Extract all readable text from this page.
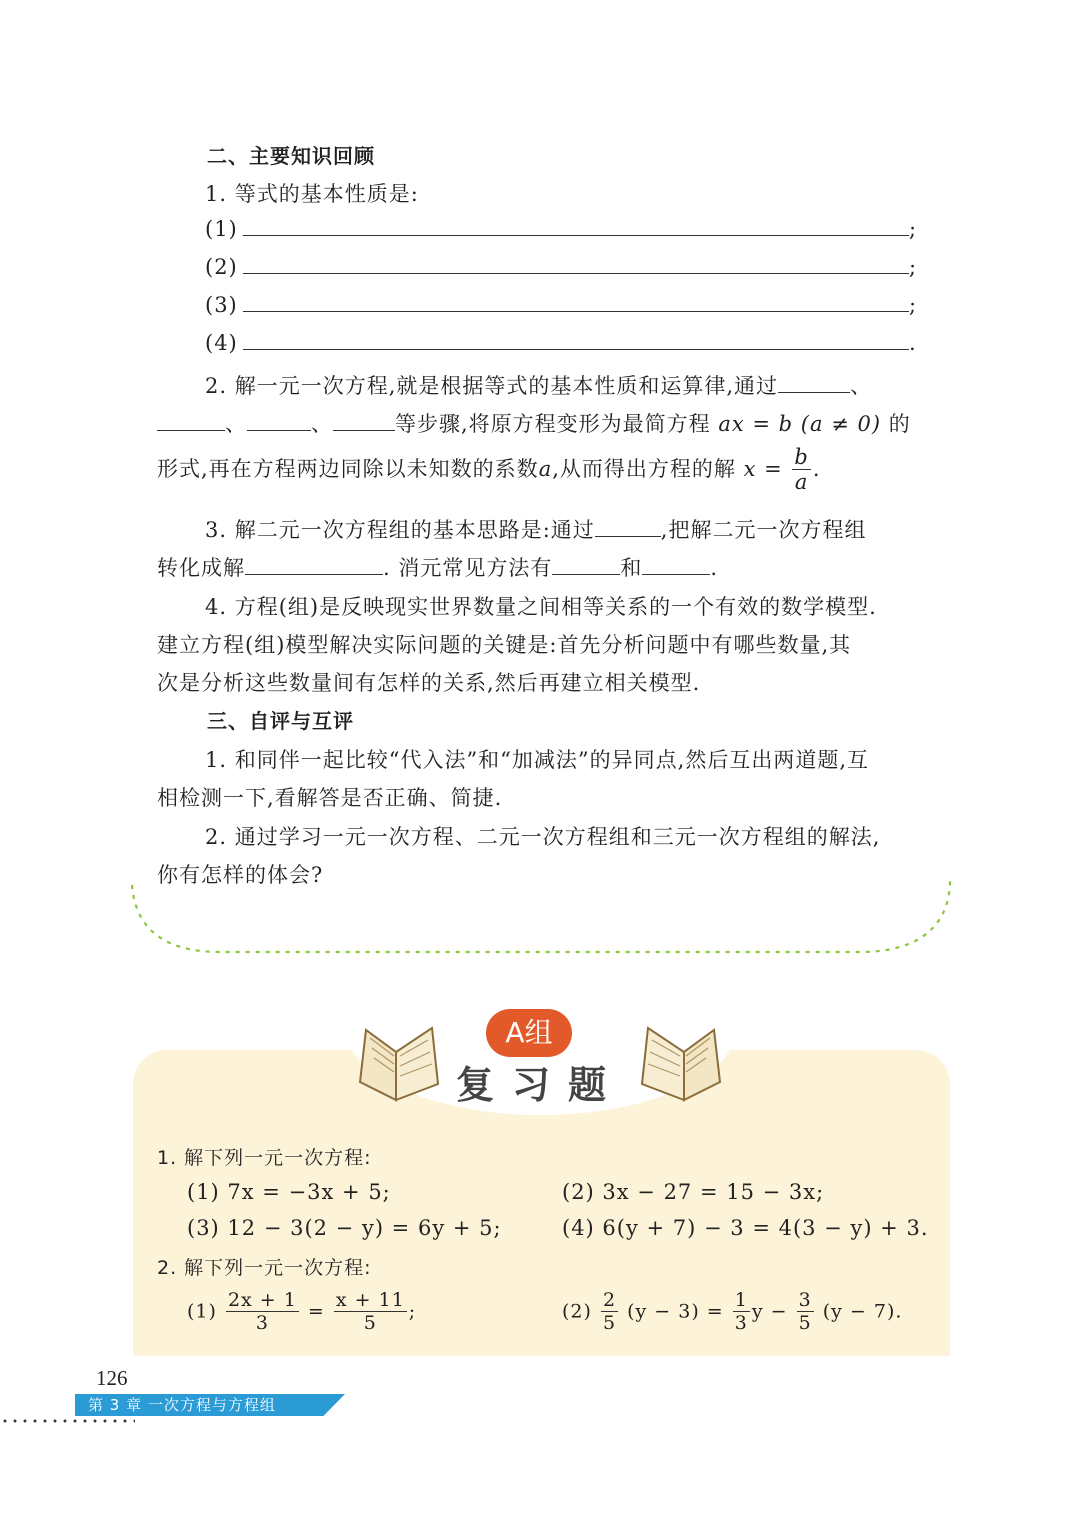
二、主要知识回顾
1. 等式的基本性质是:
(1)	;
(2)	;
(3)	;
(4)	.
2. 解一元一次方程,就是根据等式的基本性质和运算律,通过	、
、	、	等步骤,将原方程变形为最简方程 ax = b (a ≠ 0) 的
形式,再在方程两边同除以未知数的系数a,从而得出方程的解 $x = \frac{b}{a}$ .
3. 解二元一次方程组的基本思路是:通过	,把解二元一次方程组
转化成解	. 消元常见方法有	和	.
4. 方程(组)是反映现实世界数量之间相等关系的一个有效的数学模型.
建立方程(组)模型解决实际问题的关键是:首先分析问题中有哪些数量,其
次是分析这些数量间有怎样的关系,然后再建立相关模型.
三、自评与互评
1. 和同伴一起比较“代入法”和“加减法”的异同点,然后互出两道题,互
相检测一下,看解答是否正确、简捷.
2. 通过学习一元一次方程、二元一次方程组和三元一次方程组的解法,
你有怎样的体会?
A组
复习题
1. 解下列一元一次方程:
(1) 7x = −3x + 5;	(2) 3x − 27 = 15 − 3x;
(3) 12 − 3(2 − y) = 6y + 5;	(4) 6(y + 7) − 3 = 4(3 − y) + 3.
2. 解下列一元一次方程:
$(1) \frac{2x + 1}{3} = \frac{x + 11}{5}$ ;	$(2) \frac{2}{5} (y - 3) = \frac{1}{3}$ $y - \frac{3}{5} (y - 7)$.
126
第 3 章 一次方程与方程组
